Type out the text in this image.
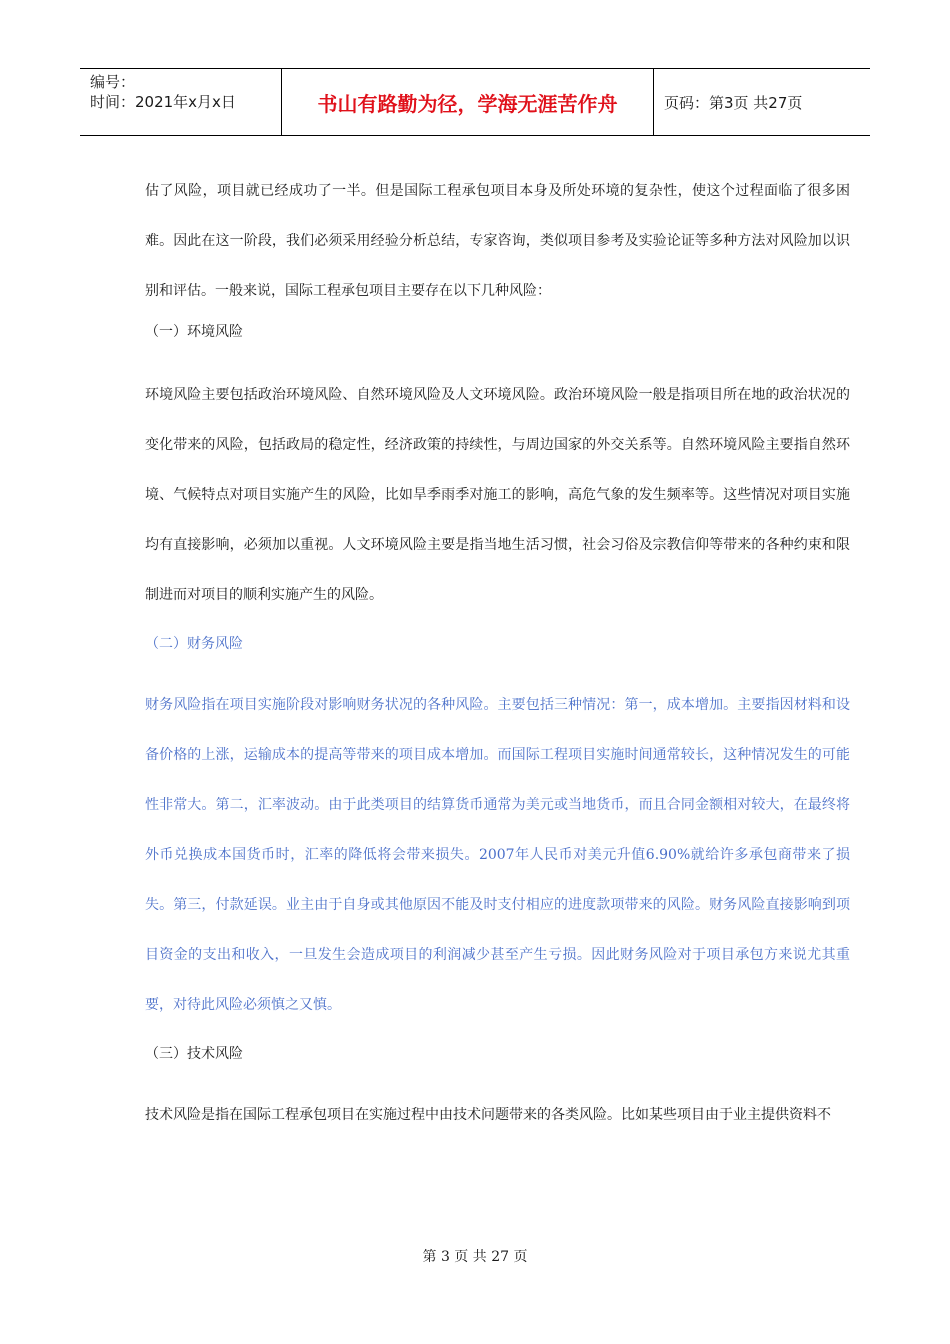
编号：
时间：2021年x月x日	书山有路勤为径，学海无涯苦作舟	页码：第3页 共27页

估了风险，项目就已经成功了一半。但是国际工程承包项目本身及所处环境的复杂性，使这个过程面临了很多困难。因此在这一阶段，我们必须采用经验分析总结，专家咨询，类似项目参考及实验论证等多种方法对风险加以识别和评估。一般来说，国际工程承包项目主要存在以下几种风险：

（一）环境风险

环境风险主要包括政治环境风险、自然环境风险及人文环境风险。政治环境风险一般是指项目所在地的政治状况的变化带来的风险，包括政局的稳定性，经济政策的持续性，与周边国家的外交关系等。自然环境风险主要指自然环境、气候特点对项目实施产生的风险，比如旱季雨季对施工的影响，高危气象的发生频率等。这些情况对项目实施均有直接影响，必须加以重视。人文环境风险主要是指当地生活习惯，社会习俗及宗教信仰等带来的各种约束和限制进而对项目的顺利实施产生的风险。

（二）财务风险

财务风险指在项目实施阶段对影响财务状况的各种风险。主要包括三种情况：第一，成本增加。主要指因材料和设备价格的上涨，运输成本的提高等带来的项目成本增加。而国际工程项目实施时间通常较长，这种情况发生的可能性非常大。第二，汇率波动。由于此类项目的结算货币通常为美元或当地货币，而且合同金额相对较大，在最终将外币兑换成本国货币时，汇率的降低将会带来损失。2007年人民币对美元升值6.90%就给许多承包商带来了损失。第三，付款延误。业主由于自身或其他原因不能及时支付相应的进度款项带来的风险。财务风险直接影响到项目资金的支出和收入，一旦发生会造成项目的利润减少甚至产生亏损。因此财务风险对于项目承包方来说尤其重要，对待此风险必须慎之又慎。

（三）技术风险

技术风险是指在国际工程承包项目在实施过程中由技术问题带来的各类风险。比如某些项目由于业主提供资料不

第 3 页 共 27 页
